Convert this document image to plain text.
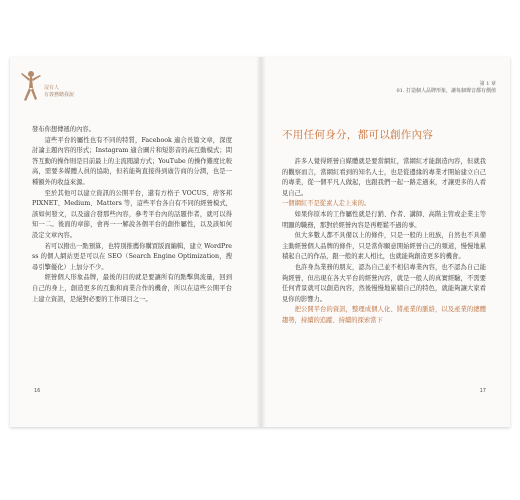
沒有人
有義務聽我說

發布你想傳遞的內容。

這些平台的屬性也有不同的特質，Facebook 適合長篇文章，深度討論主題內容的形式；Instagram 適合圖片和短影音的高互動模式；問答互動的操作則是目前最上的主流閱讀方式；YouTube 的操作難度比較高，需要多媒體人員的協助，但若能夠直接得到廣告商的分潤，也是一種額外的收益來源。

至於其他可以建立資訊的公開平台，還有方格子 VOCUS、痞客邦 PIXNET、Medium、Matters 等，這些平台各自有不同的經營模式，該如何發文，以及適合發那些內容，參考平台內的話題作者，就可以得知一二。後面的章節，會再一一解說各個平台的創作屬性，以及該如何設定文章內容。

若可以撥出一點預算，也特別推薦你購買版面編輯，建立 WordPress 的個人網站更是可以在 SEO（Search Engine Optimization，搜尋引擎優化）上加分不少。

經營個人形象品牌，最後的目的就是要讓所有的點擊與流量，回到自己的身上，創造更多的互動和商業合作的機會，所以在這些公開平台上建立資訊，是絕對必要的工作項目之一。

16
第 1 章
01. 打造個人品牌形象，讓每個聲音都有價值
不用任何身分，都可以創作內容

許多人覺得經營自媒體就是要當網紅，當網紅才能創造內容，但就我的觀察而言，當網紅看到的知名人士，也是從邊緣的專業才開始建立自己的專業，從一個平凡人做起，也跟我們一起一路走過來，才讓更多的人看見自己。

一個網紅不是從素人走上來的。

如果你原本的工作屬性就是行銷、作者、講師、高階主管或企業主等明顯的職務，那對於經營內容是再輕鬆不過的事。

但大多數人都不具備以上的條件，只是一般的上班族，自然也不具備主動經營個人品牌的條件，只是當你願意開始經營自己的頻道，慢慢地累積起自己的作品，跟一般的素人相比，也就能夠創造更多的機會。

也許身為業務的朋友，認為自己並不相信專業內容，也不認為自己能夠經營，但出現在各大平台的經營內容，就是一般人的真實經驗，不需要任何背景就可以創造內容，然後慢慢地累積自己的特色，就能夠讓大家看見你的影響力。

把公開平台的資訊，整理成個人化、將產業的脈絡，以及產業的總體趨勢，持續的追蹤、持續的探索當下

17
